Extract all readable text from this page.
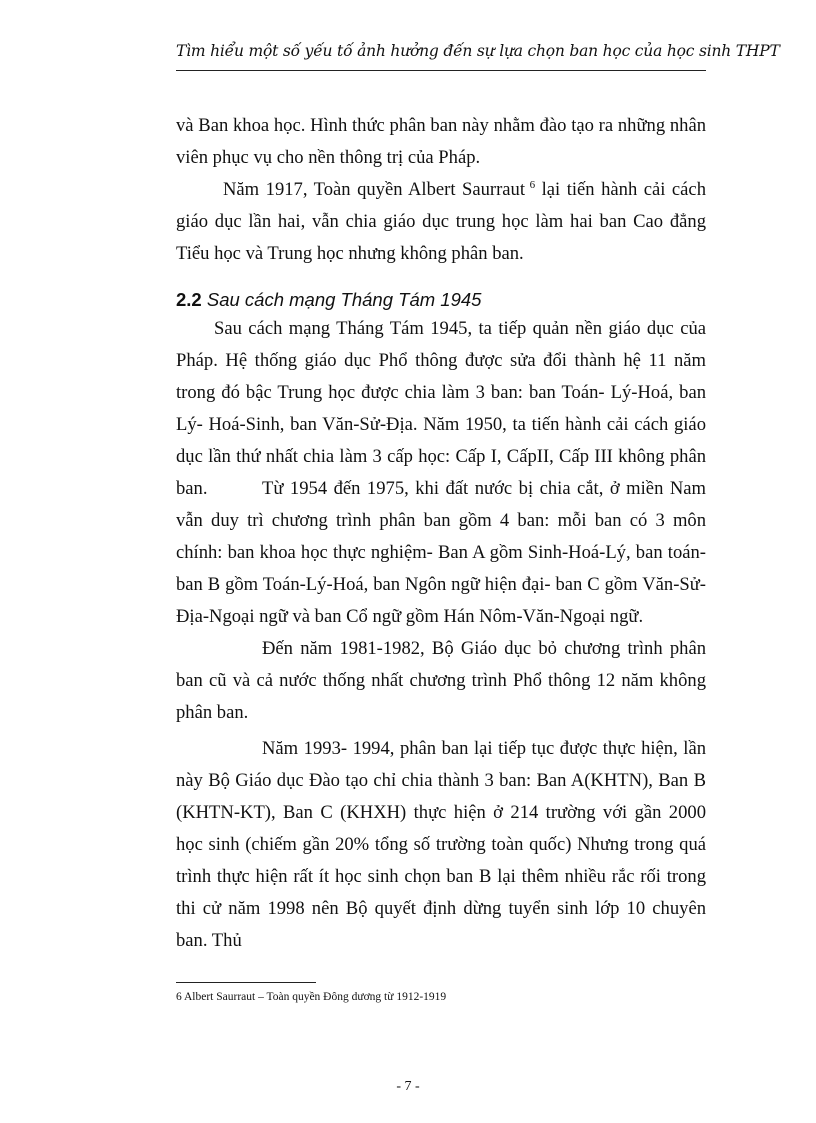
Tìm hiểu một số yếu tố ảnh hưởng đến sự lựa chọn ban học của học sinh THPT

và Ban khoa học. Hình thức phân ban này nhằm đào tạo ra những nhân viên phục vụ cho nền thông trị của Pháp.

Năm 1917, Toàn quyền Albert Saurraut $^6$ lại tiến hành cải cách giáo dục lần hai, vẫn chia giáo dục trung học làm hai ban Cao đẳng Tiểu học và Trung học nhưng không phân ban.

2.2 Sau cách mạng Tháng Tám 1945

Sau cách mạng Tháng Tám 1945, ta tiếp quản nền giáo dục của Pháp. Hệ thống giáo dục Phổ thông được sửa đổi thành hệ 11 năm trong đó bậc Trung học được chia làm 3 ban: ban Toán- Lý-Hoá, ban Lý- Hoá-Sinh, ban Văn-Sử-Địa. Năm 1950, ta tiến hành cải cách giáo dục lần thứ nhất chia làm 3 cấp học: Cấp I, CấpII, Cấp III không phân ban.	Từ 1954 đến 1975, khi đất nước bị chia cắt, ở miền Nam vẫn duy trì chương trình phân ban gồm 4 ban: mỗi ban có 3 môn chính: ban khoa học thực nghiệm- Ban A gồm Sinh-Hoá-Lý, ban toán- ban B gồm Toán-Lý-Hoá, ban Ngôn ngữ hiện đại- ban C gồm Văn-Sử-Địa-Ngoại ngữ và ban Cổ ngữ gồm Hán Nôm-Văn-Ngoại ngữ.

Đến năm 1981-1982, Bộ Giáo dục bỏ chương trình phân ban cũ và cả nước thống nhất chương trình Phổ thông 12 năm không phân ban.

Năm 1993- 1994, phân ban lại tiếp tục được thực hiện, lần này Bộ Giáo dục Đào tạo chỉ chia thành 3 ban: Ban A(KHTN), Ban B (KHTN-KT), Ban C (KHXH) thực hiện ở 214 trường với gần 2000 học sinh (chiếm gần 20% tổng số trường toàn quốc) Nhưng trong quá trình thực hiện rất ít học sinh chọn ban B lại thêm nhiều rắc rối trong thi cử năm 1998 nên Bộ quyết định dừng tuyển sinh lớp 10 chuyên ban. Thủ

6 Albert Saurraut – Toàn quyền Đông dương từ 1912-1919
- 7 -
